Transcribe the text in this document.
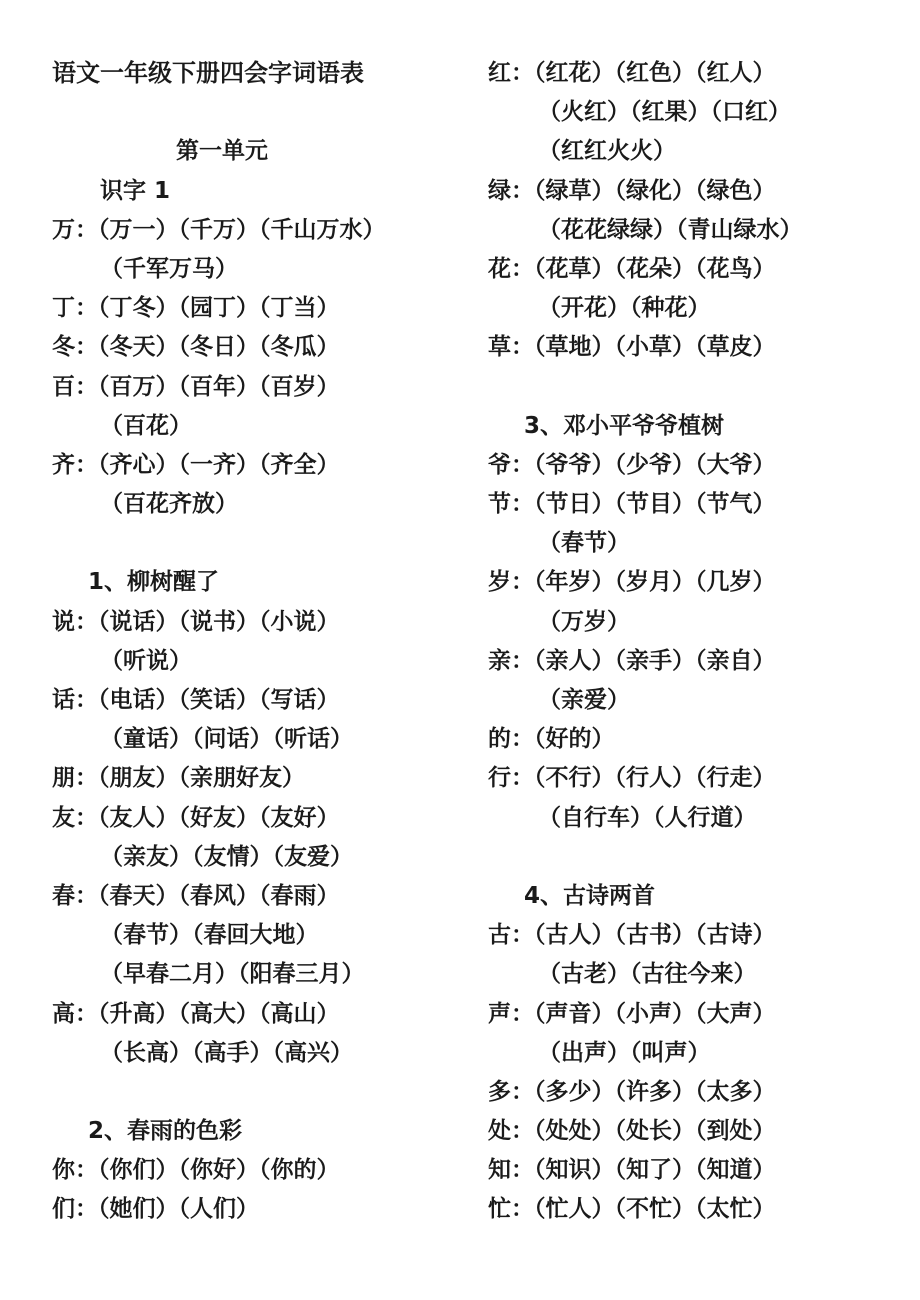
语文一年级下册四会字词语表
第一单元
识字 1
万：（万一）（千万）（千山万水）
（千军万马）
丁：（丁冬）（园丁）（丁当）
冬：（冬天）（冬日）（冬瓜）
百：（百万）（百年）（百岁）
（百花）
齐：（齐心）（一齐）（齐全）
（百花齐放）
1、柳树醒了
说：（说话）（说书）（小说）
（听说）
话：（电话）（笑话）（写话）
（童话）（问话）（听话）
朋：（朋友）（亲朋好友）
友：（友人）（好友）（友好）
（亲友）（友情）（友爱）
春：（春天）（春风）（春雨）
（春节）（春回大地）
（早春二月）（阳春三月）
高：（升高）（高大）（高山）
（长高）（高手）（高兴）
2、春雨的色彩
你：（你们）（你好）（你的）
们：（她们）（人们）
红：（红花）（红色）（红人）
（火红）（红果）（口红）
（红红火火）
绿：（绿草）（绿化）（绿色）
（花花绿绿）（青山绿水）
花：（花草）（花朵）（花鸟）
（开花）（种花）
草：（草地）（小草）（草皮）
3、邓小平爷爷植树
爷：（爷爷）（少爷）（大爷）
节：（节日）（节目）（节气）
（春节）
岁：（年岁）（岁月）（几岁）
（万岁）
亲：（亲人）（亲手）（亲自）
（亲爱）
的：（好的）
行：（不行）（行人）（行走）
（自行车）（人行道）
4、古诗两首
古：（古人）（古书）（古诗）
（古老）（古往今来）
声：（声音）（小声）（大声）
（出声）（叫声）
多：（多少）（许多）（太多）
处：（处处）（处长）（到处）
知：（知识）（知了）（知道）
忙：（忙人）（不忙）（太忙）
